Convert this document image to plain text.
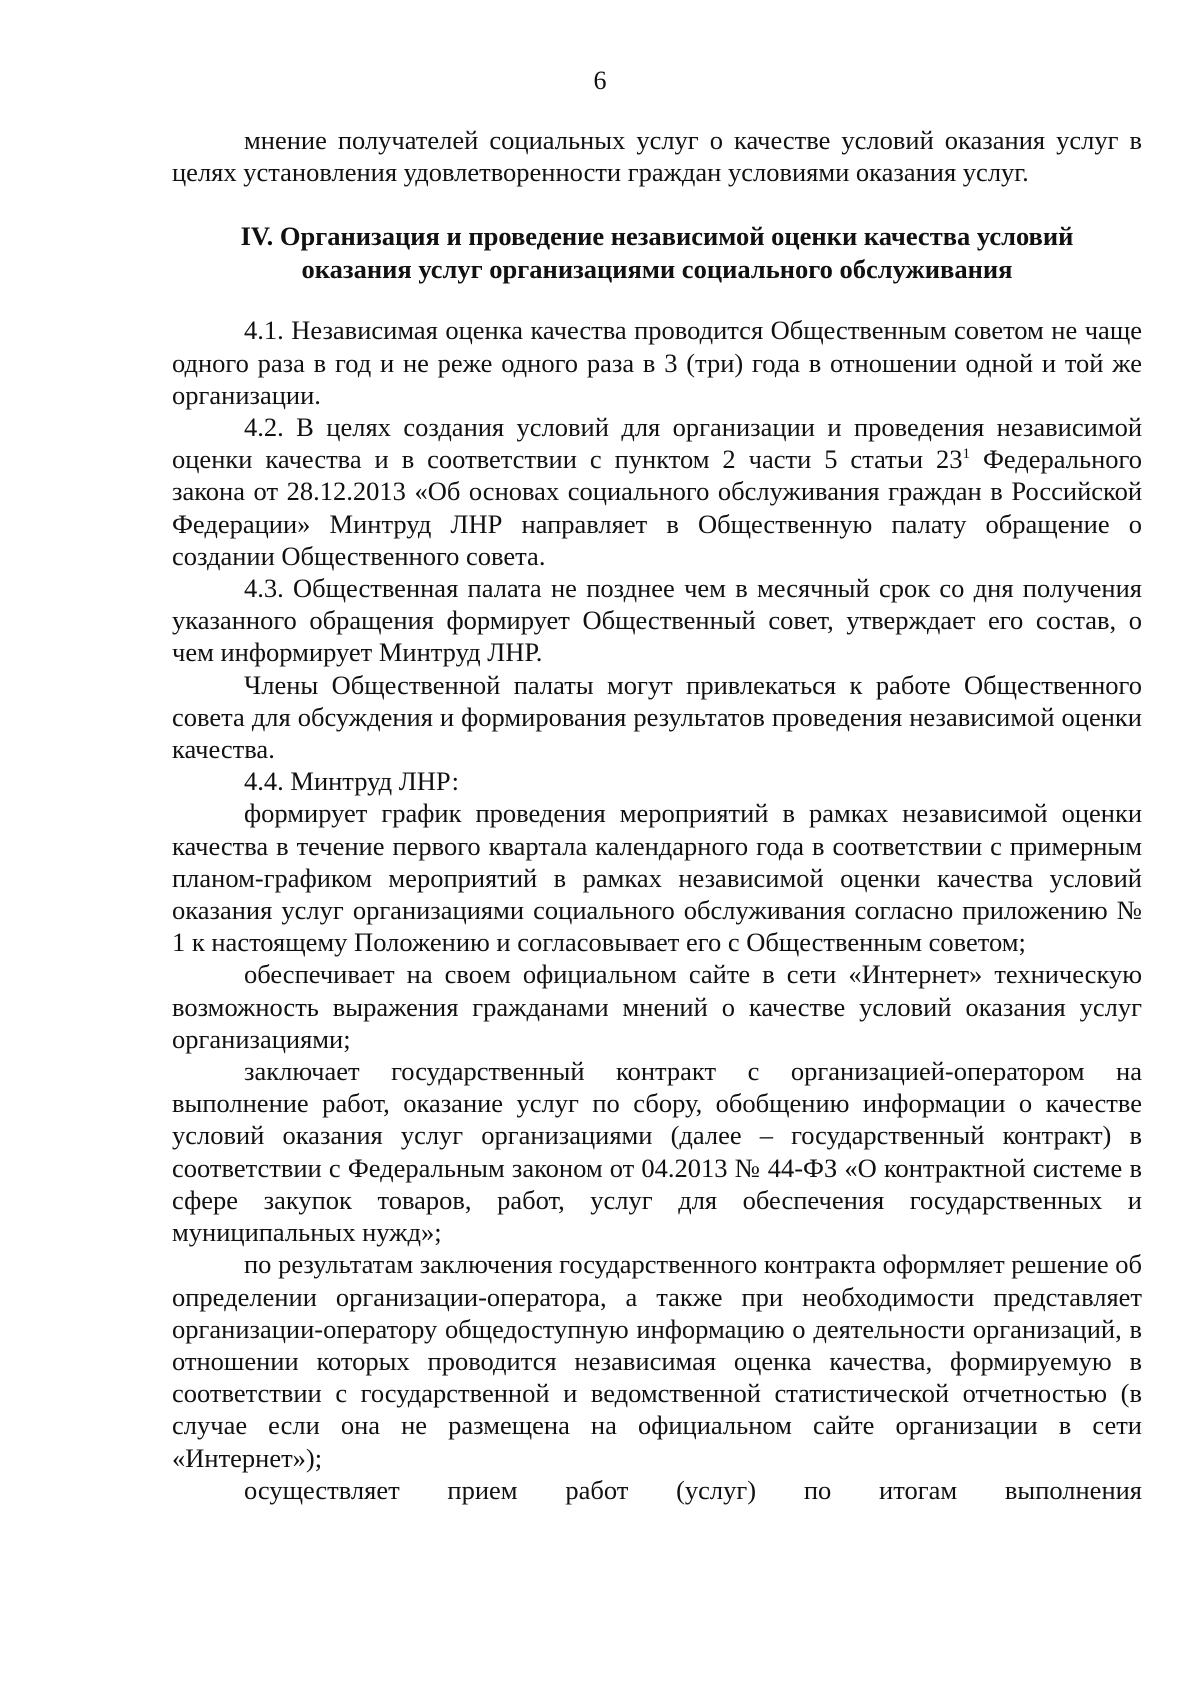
6

мнение получателей социальных услуг о качестве условий оказания услуг в целях установления удовлетворенности граждан условиями оказания услуг.

IV. Организация и проведение независимой оценки качества условий оказания услуг организациями социального обслуживания

4.1. Независимая оценка качества проводится Общественным советом не чаще одного раза в год и не реже одного раза в 3 (три) года в отношении одной и той же организации.

4.2. В целях создания условий для организации и проведения независимой оценки качества и в соответствии с пунктом 2 части 5 статьи $23^1$ Федерального закона от 28.12.2013 «Об основах социального обслуживания граждан в Российской Федерации» Минтруд ЛНР направляет в Общественную палату обращение о создании Общественного совета.

4.3. Общественная палата не позднее чем в месячный срок со дня получения указанного обращения формирует Общественный совет, утверждает его состав, о чем информирует Минтруд ЛНР.

Члены Общественной палаты могут привлекаться к работе Общественного совета для обсуждения и формирования результатов проведения независимой оценки качества.

4.4. Минтруд ЛНР:

формирует график проведения мероприятий в рамках независимой оценки качества в течение первого квартала календарного года в соответствии с примерным планом-графиком мероприятий в рамках независимой оценки качества условий оказания услуг организациями социального обслуживания согласно приложению № 1 к настоящему Положению и согласовывает его с Общественным советом;

обеспечивает на своем официальном сайте в сети «Интернет» техническую возможность выражения гражданами мнений о качестве условий оказания услуг организациями;

заключает государственный контракт с организацией-оператором на выполнение работ, оказание услуг по сбору, обобщению информации о качестве условий оказания услуг организациями (далее – государственный контракт) в соответствии с Федеральным законом от 04.2013 № 44-ФЗ «О контрактной системе в сфере закупок товаров, работ, услуг для обеспечения государственных и муниципальных нужд»;

по результатам заключения государственного контракта оформляет решение об определении организации-оператора, а также при необходимости представляет организации-оператору общедоступную информацию о деятельности организаций, в отношении которых проводится независимая оценка качества, формируемую в соответствии с государственной и ведомственной статистической отчетностью (в случае если она не размещена на официальном сайте организации в сети «Интернет»);

осуществляет прием работ (услуг) по итогам выполнения
